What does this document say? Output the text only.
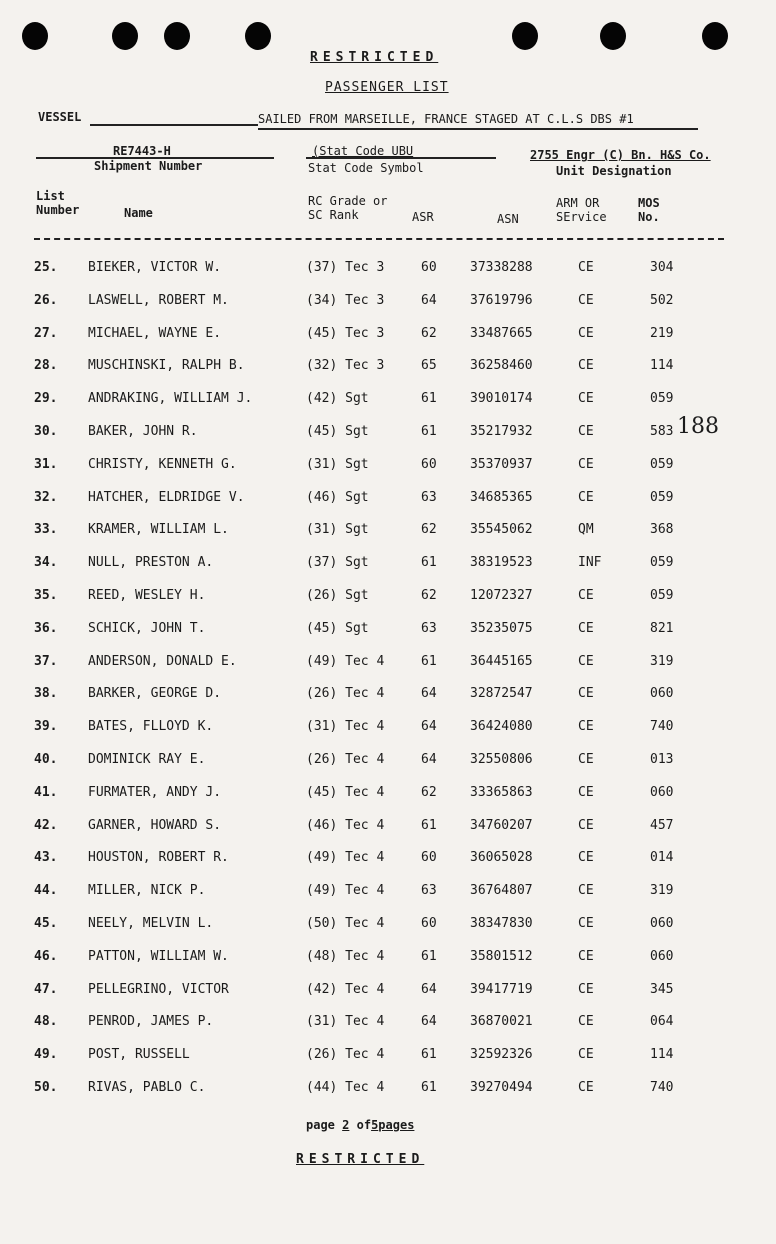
RESTRICTED
PASSENGER LIST
VESSEL	SAILED FROM MARSEILLE, FRANCE STAGED AT C.L.S DBS #1
RE7443-H
Shipment Number
(Stat Code UBU
Stat Code Symbol
2755 Engr (C) Bn. H&S Co.
Unit Designation
List
Number	Name
RC Grade or
SC Rank	ASR	ASN
ARM OR
SErvice
MOS
No.
25. BIEKER, VICTOR W.	(37) Tec 3	60	37338288	CE	304
26. LASWELL, ROBERT M.	(34) Tec 3	64	37619796	CE	502
27. MICHAEL, WAYNE E.	(45) Tec 3	62	33487665	CE	219
28. MUSCHINSKI, RALPH B.	(32) Tec 3	65	36258460	CE	114
29. ANDRAKING, WILLIAM J.	(42) Sgt	61	39010174	CE	059
30. BAKER, JOHN R.	(45) Sgt	61	35217932	CE	583
31. CHRISTY, KENNETH G.	(31) Sgt	60	35370937	CE	059
32. HATCHER, ELDRIDGE V.	(46) Sgt	63	34685365	CE	059
33. KRAMER, WILLIAM L.	(31) Sgt	62	35545062	QM	368
34. NULL, PRESTON A.	(37) Sgt	61	38319523	INF	059
35. REED, WESLEY H.	(26) Sgt	62	12072327	CE	059
36. SCHICK, JOHN T.	(45) Sgt	63	35235075	CE	821
37. ANDERSON, DONALD E.	(49) Tec 4	61	36445165	CE	319
38. BARKER, GEORGE D.	(26) Tec 4	64	32872547	CE	060
39. BATES, FLLOYD K.	(31) Tec 4	64	36424080	CE	740
40. DOMINICK RAY E.	(26) Tec 4	64	32550806	CE	013
41. FURMATER, ANDY J.	(45) Tec 4	62	33365863	CE	060
42. GARNER, HOWARD S.	(46) Tec 4	61	34760207	CE	457
43. HOUSTON, ROBERT R.	(49) Tec 4	60	36065028	CE	014
44. MILLER, NICK P.	(49) Tec 4	63	36764807	CE	319
45. NEELY, MELVIN L.	(50) Tec 4	60	38347830	CE	060
46. PATTON, WILLIAM W.	(48) Tec 4	61	35801512	CE	060
47. PELLEGRINO, VICTOR	(42) Tec 4	64	39417719	CE	345
48. PENROD, JAMES P.	(31) Tec 4	64	36870021	CE	064
49. POST, RUSSELL	(26) Tec 4	61	32592326	CE	114
50. RIVAS, PABLO C.	(44) Tec 4	61	39270494	CE	740
188
page 2 of5pages
RESTRICTED
